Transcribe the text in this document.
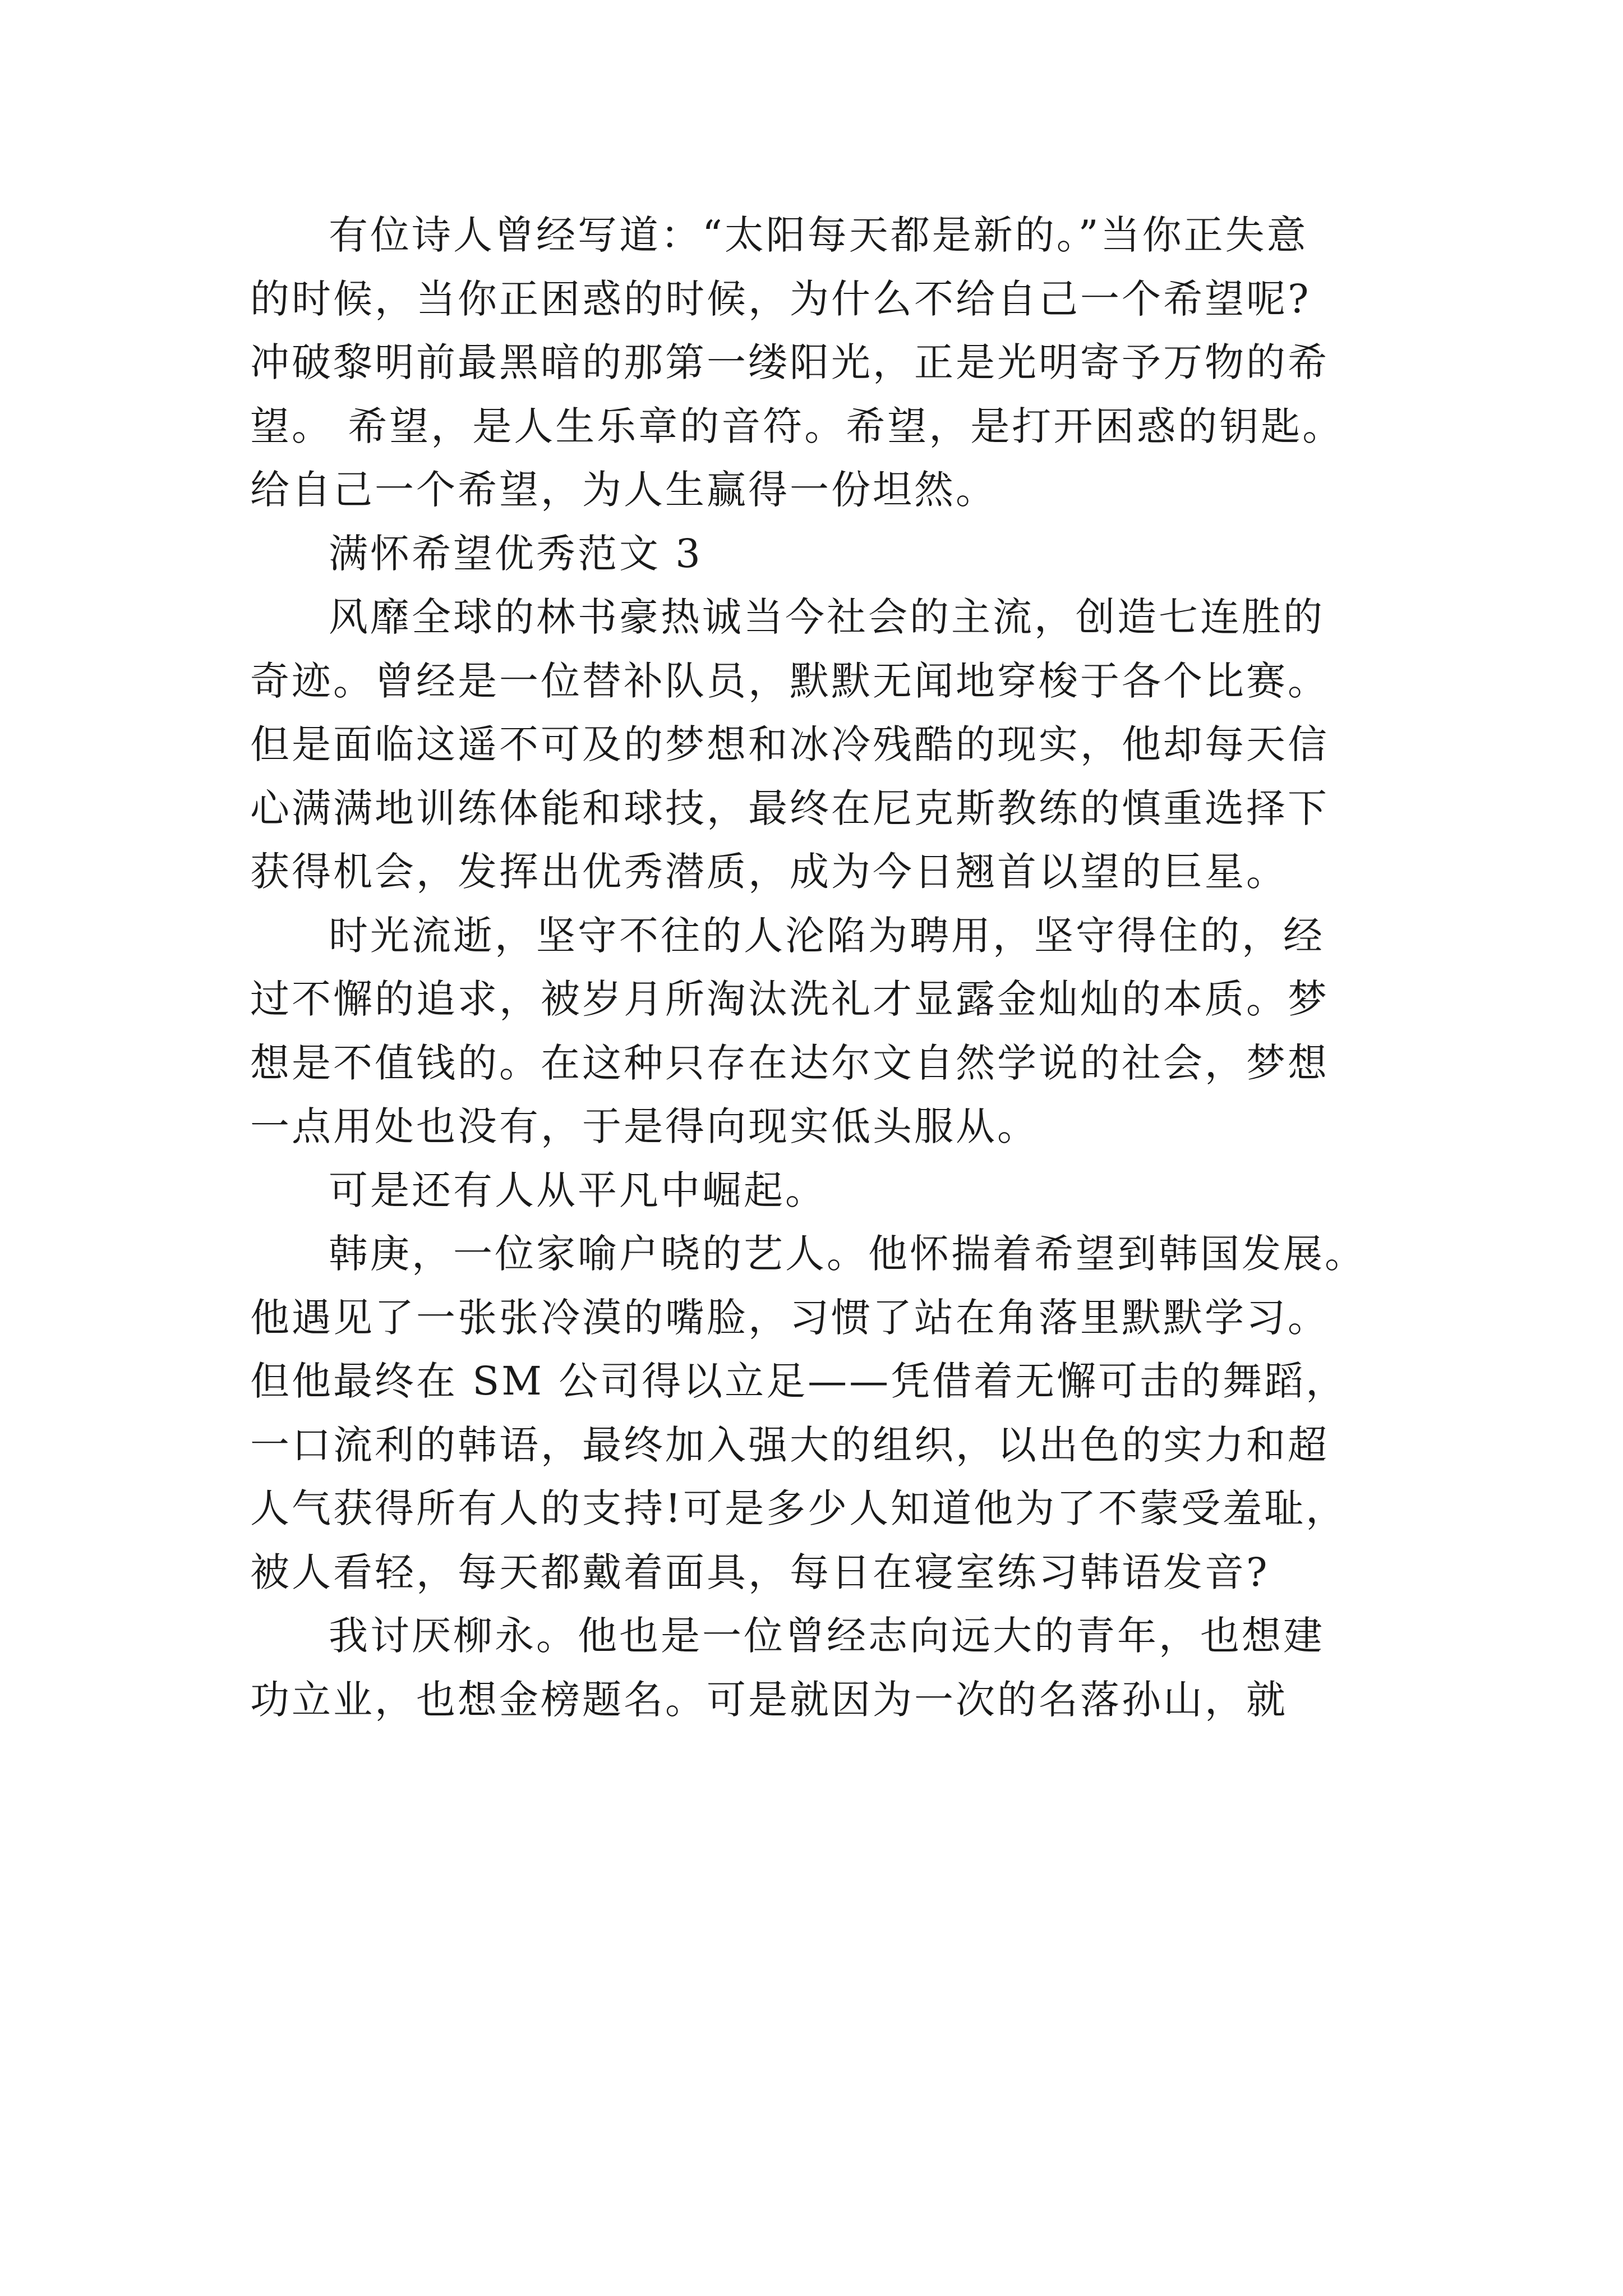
有位诗人曾经写道：“太阳每天都是新的。”当你正失意
的时候，当你正困惑的时候，为什么不给自己一个希望呢?
冲破黎明前最黑暗的那第一缕阳光，正是光明寄予万物的希
望。 希望，是人生乐章的音符。希望，是打开困惑的钥匙。
给自己一个希望，为人生赢得一份坦然。
满怀希望优秀范文 3
风靡全球的林书豪热诚当今社会的主流，创造七连胜的
奇迹。曾经是一位替补队员，默默无闻地穿梭于各个比赛。
但是面临这遥不可及的梦想和冰冷残酷的现实，他却每天信
心满满地训练体能和球技，最终在尼克斯教练的慎重选择下
获得机会，发挥出优秀潜质，成为今日翘首以望的巨星。
时光流逝，坚守不往的人沦陷为聘用，坚守得住的，经
过不懈的追求，被岁月所淘汰洗礼才显露金灿灿的本质。梦
想是不值钱的。在这种只存在达尔文自然学说的社会，梦想
一点用处也没有，于是得向现实低头服从。
可是还有人从平凡中崛起。
韩庚，一位家喻户晓的艺人。他怀揣着希望到韩国发展。
他遇见了一张张冷漠的嘴脸，习惯了站在角落里默默学习。
但他最终在 SM 公司得以立足——凭借着无懈可击的舞蹈，
一口流利的韩语，最终加入强大的组织，以出色的实力和超
人气获得所有人的支持!可是多少人知道他为了不蒙受羞耻，
被人看轻，每天都戴着面具，每日在寝室练习韩语发音?
我讨厌柳永。他也是一位曾经志向远大的青年，也想建
功立业，也想金榜题名。可是就因为一次的名落孙山，就
